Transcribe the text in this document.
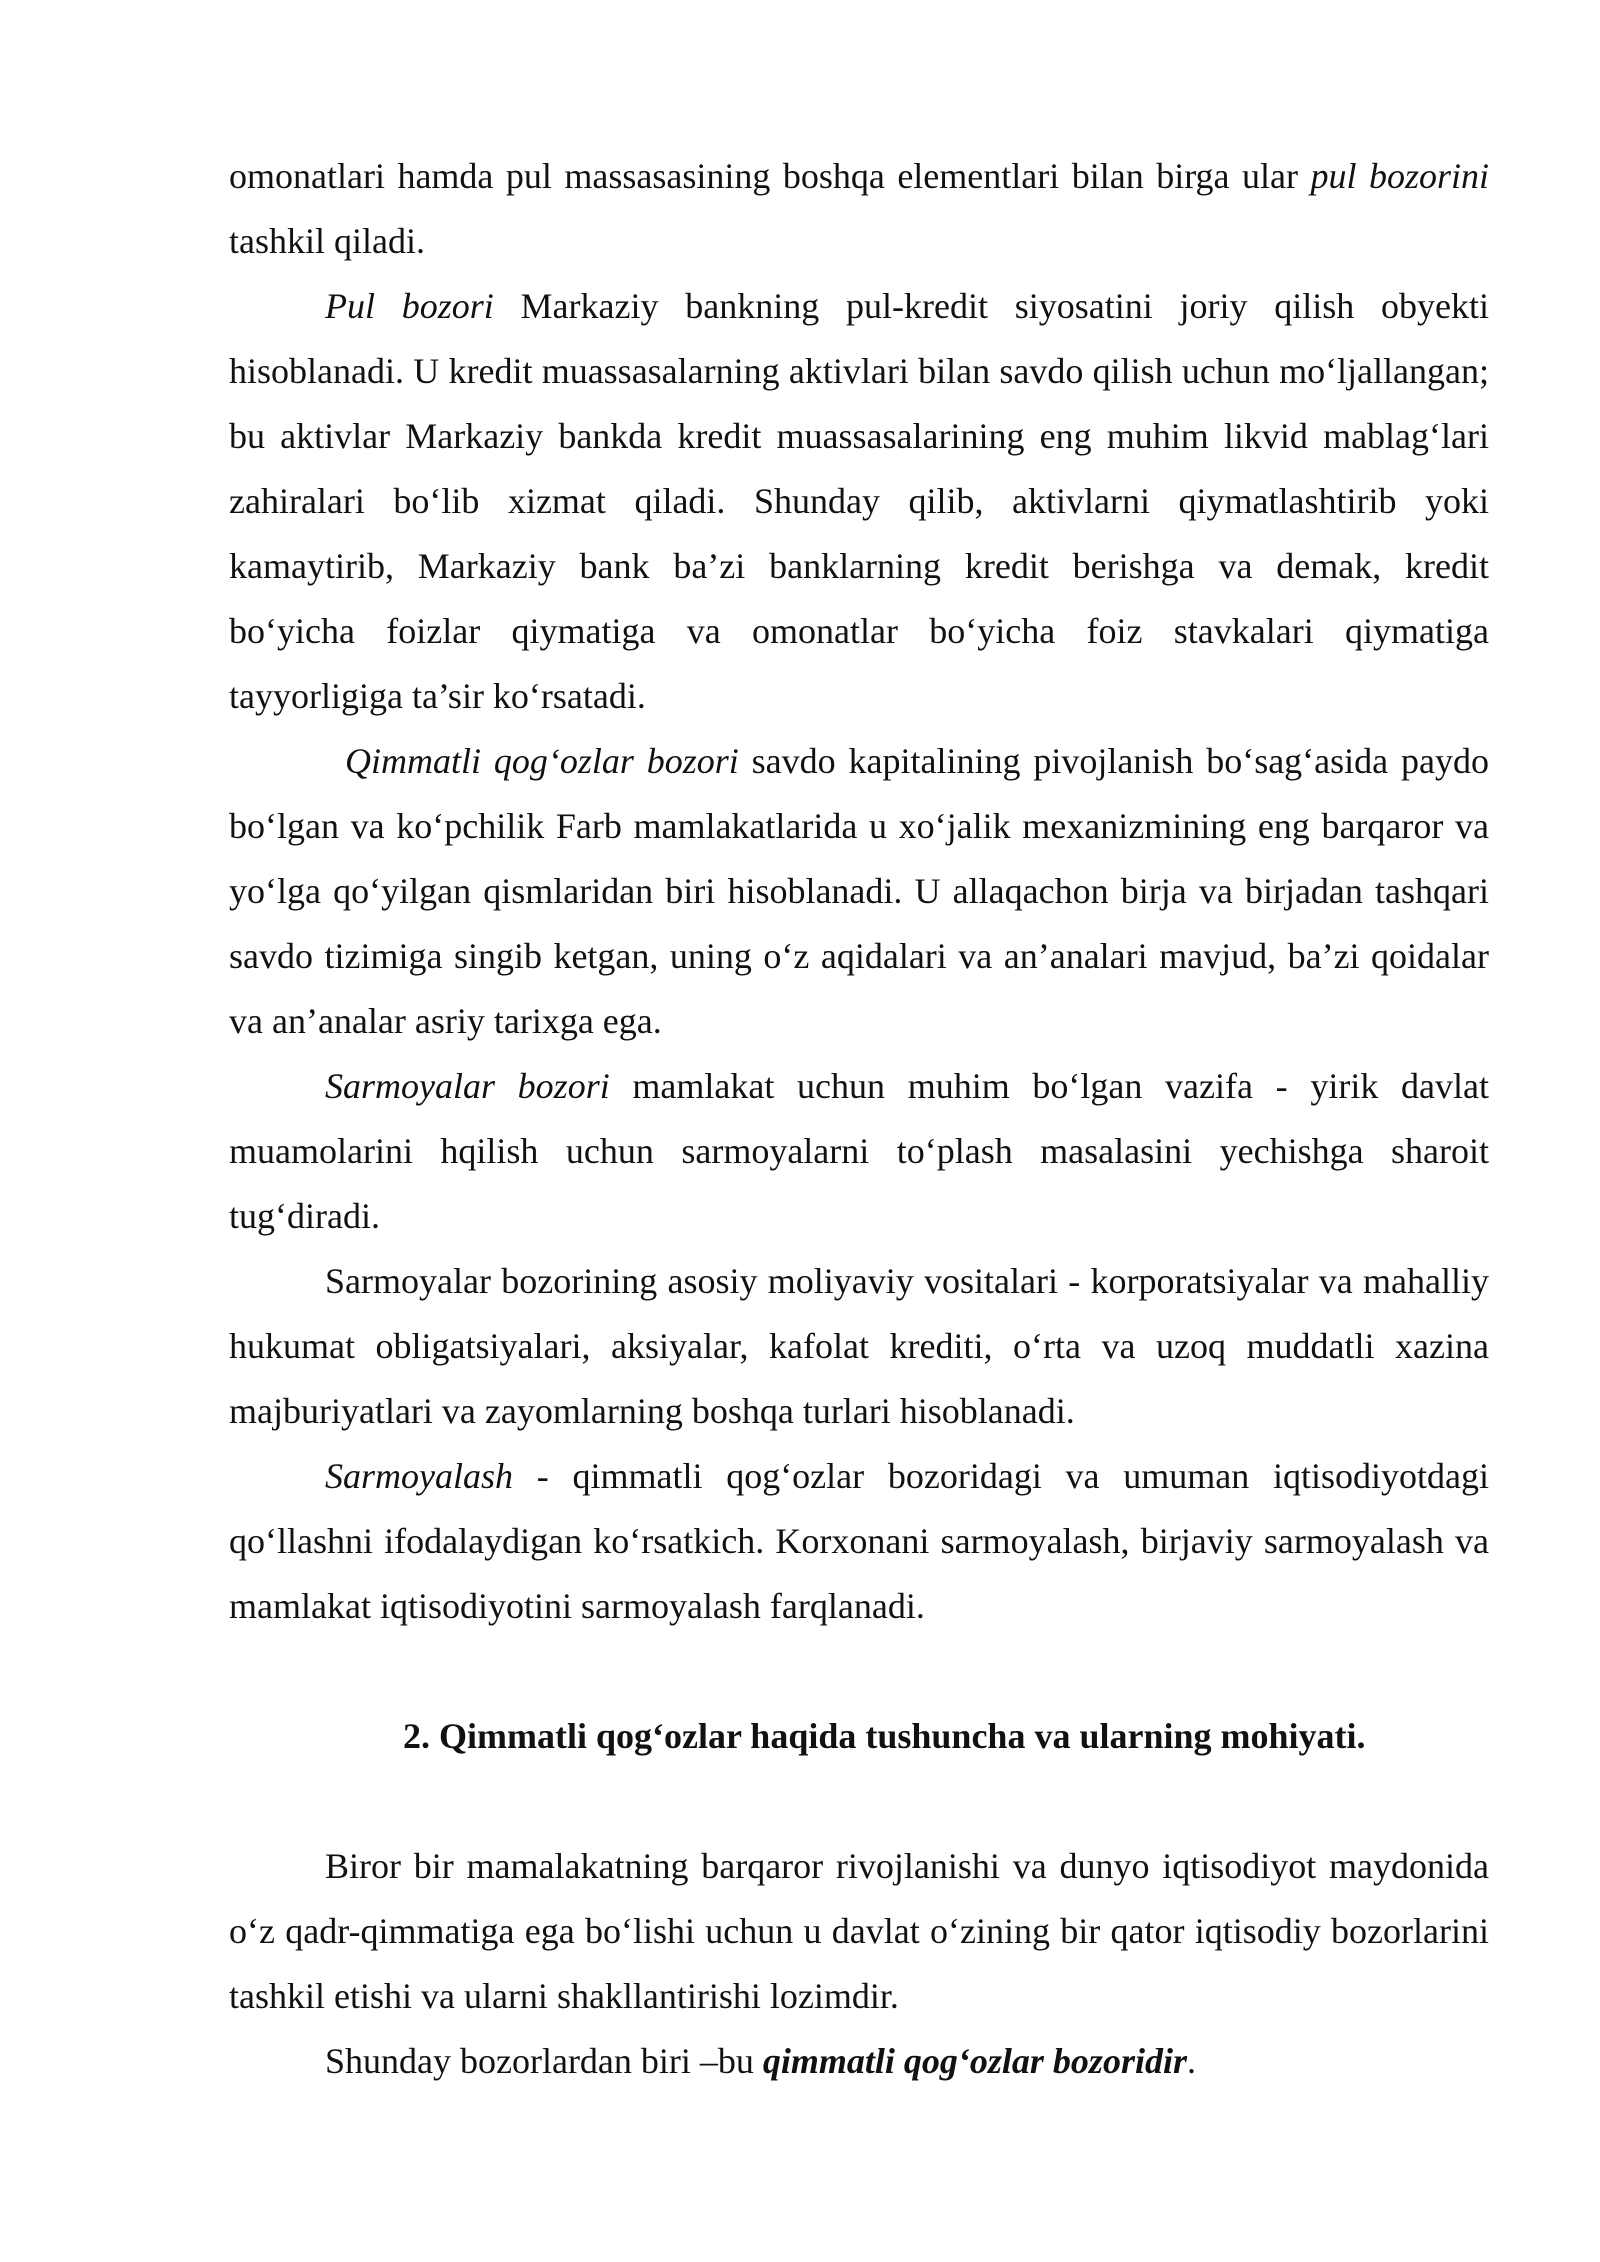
omonatlari hamda pul massasasining boshqa elementlari bilan birga ular pul bozorini tashkil qiladi.

Pul bozori Markaziy bankning pul-kredit siyosatini joriy qilish obyekti hisoblanadi. U kredit muassasalarning aktivlari bilan savdo qilish uchun mo‘ljallangan; bu aktivlar Markaziy bankda kredit muassasalarining eng muhim likvid mablag‘lari zahiralari bo‘lib xizmat qiladi. Shunday qilib, aktivlarni qiymatlashtirib yoki kamaytirib, Markaziy bank ba’zi banklarning kredit berishga va demak, kredit bo‘yicha foizlar qiymatiga va omonatlar bo‘yicha foiz stavkalari qiymatiga tayyorligiga ta’sir ko‘rsatadi.

Qimmatli qog‘ozlar bozori savdo kapitalining pivojlanish bo‘sag‘asida paydo bo‘lgan va ko‘pchilik Farb mamlakatlarida u xo‘jalik mexanizmining eng barqaror va yo‘lga qo‘yilgan qismlaridan biri hisoblanadi. U allaqachon birja va birjadan tashqari savdo tizimiga singib ketgan, uning o‘z aqidalari va an’analari mavjud, ba’zi qoidalar va an’analar asriy tarixga ega.

Sarmoyalar bozori mamlakat uchun muhim bo‘lgan vazifa - yirik davlat muamolarini hqilish uchun sarmoyalarni to‘plash masalasini yechishga sharoit tug‘diradi.

Sarmoyalar bozorining asosiy moliyaviy vositalari - korporatsiyalar va mahalliy hukumat obligatsiyalari, aksiyalar, kafolat krediti, o‘rta va uzoq muddatli xazina majburiyatlari va zayomlarning boshqa turlari hisoblanadi.

Sarmoyalash - qimmatli qog‘ozlar bozoridagi va umuman iqtisodiyotdagi qo‘llashni ifodalaydigan ko‘rsatkich. Korxonani sarmoyalash, birjaviy sarmoyalash va mamlakat iqtisodiyotini sarmoyalash farqlanadi.

2. Qimmatli qog‘ozlar haqida tushuncha va ularning mohiyati.

Biror bir mamalakatning barqaror rivojlanishi va dunyo iqtisodiyot maydonida o‘z qadr-qimmatiga ega bo‘lishi uchun u davlat o‘zining bir qator iqtisodiy bozorlarini tashkil etishi va ularni shakllantirishi lozimdir.

Shunday bozorlardan biri –bu qimmatli qog‘ozlar bozoridir.
